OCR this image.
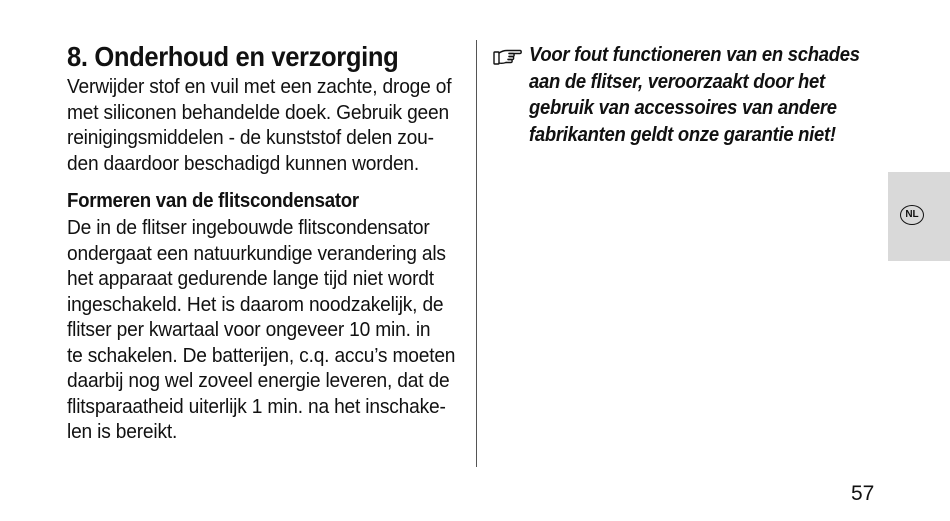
8. Onderhoud en verzorging

Verwijder stof en vuil met een zachte, droge of
met siliconen behandelde doek. Gebruik geen
reinigingsmiddelen - de kunststof delen zou-
den daardoor beschadigd kunnen worden.

Formeren van de flitscondensator

De in de flitser ingebouwde flitscondensator
ondergaat een natuurkundige verandering als
het apparaat gedurende lange tijd niet wordt
ingeschakeld. Het is daarom noodzakelijk, de
flitser per kwartaal voor ongeveer 10 min. in
te schakelen. De batterijen, c.q. accu’s moeten
daarbij nog wel zoveel energie leveren, dat de
flitsparaatheid uiterlijk 1 min. na het inschake-
len is bereikt.

Voor fout functioneren van en schades
aan de flitser, veroorzaakt door het
gebruik van accessoires van andere
fabrikanten geldt onze garantie niet!

NL
57
